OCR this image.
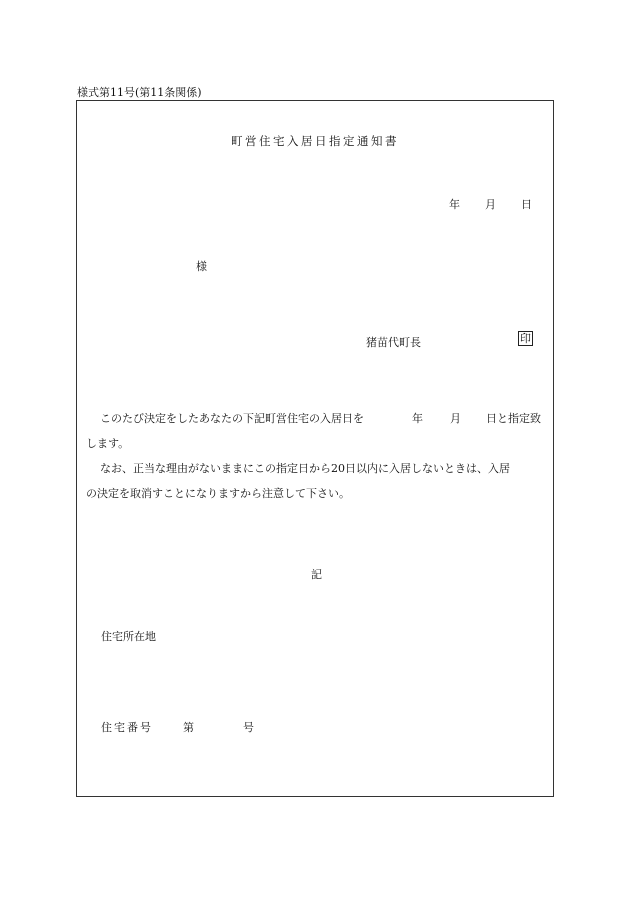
様式第11号(第11条関係)
町営住宅入居日指定通知書
年 月 日
様
猪苗代町長	印
このたび決定をしたあなたの下記町営住宅の入居日を	年 月 日と指定致
します。
なお、正当な理由がないままにこの指定日から20日以内に入居しないときは、入居
の決定を取消すことになりますから注意して下さい。
記
住宅所在地
住宅番号	第	号
